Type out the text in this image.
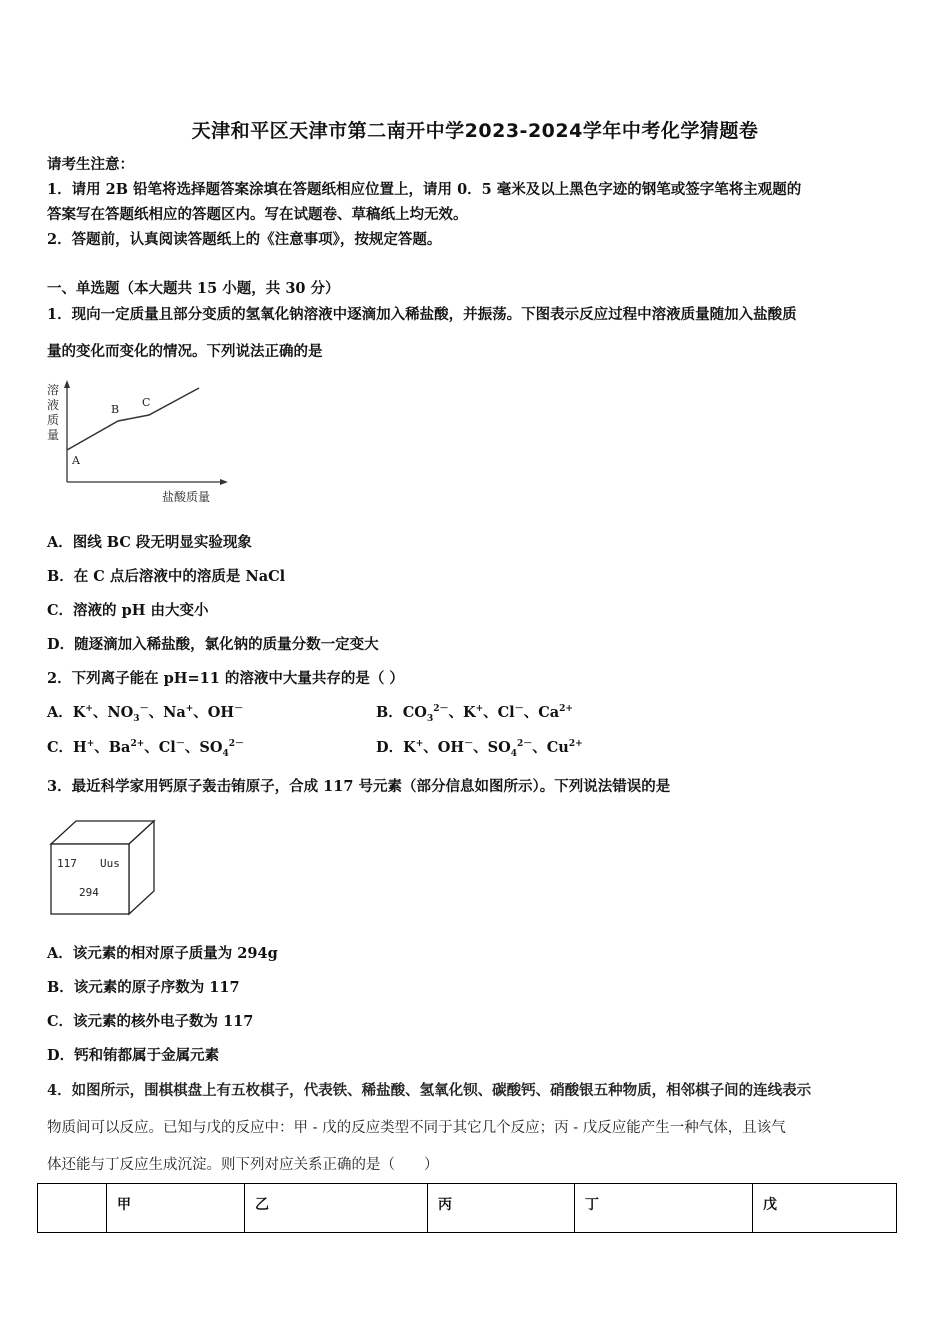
天津和平区天津市第二南开中学2023-2024学年中考化学猜题卷
请考生注意：
1．请用 2B 铅笔将选择题答案涂填在答题纸相应位置上，请用 0．5 毫米及以上黑色字迹的钢笔或签字笔将主观题的
答案写在答题纸相应的答题区内。写在试题卷、草稿纸上均无效。
2．答题前，认真阅读答题纸上的《注意事项》，按规定答题。
一、单选题（本大题共 15 小题，共 30 分）
1．现向一定质量且部分变质的氢氧化钠溶液中逐滴加入稀盐酸，并振荡。下图表示反应过程中溶液质量随加入盐酸质
量的变化而变化的情况。下列说法正确的是
溶
液
质
量
盐酸质量
A
B
C
A．图线 BC 段无明显实验现象
B．在 C 点后溶液中的溶质是 NaCl
C．溶液的 pH 由大变小
D．随逐滴加入稀盐酸，氯化钠的质量分数一定变大
2．下列离子能在 pH=11 的溶液中大量共存的是（ ）
A．K+、$NO_3^-$、Na+、OH－	B．$CO_3^{2-}$、K+、Cl－、$Ca^{2+}$
C．H+、$Ba^{2+}$、Cl－、$SO_4^{2-}$	D．K+、OH－、$SO_4^{2-}$、$Cu^{2+}$
3．最近科学家用钙原子轰击铕原子，合成 117 号元素（部分信息如图所示）。下列说法错误的是
117 Uus
294
A．该元素的相对原子质量为 294g
B．该元素的原子序数为 117
C．该元素的核外电子数为 117
D．钙和铕都属于金属元素
4．如图所示，围棋棋盘上有五枚棋子，代表铁、稀盐酸、氢氧化钡、碳酸钙、硝酸银五种物质，相邻棋子间的连线表示
物质间可以反应。已知与戊的反应中：甲 - 戊的反应类型不同于其它几个反应；丙 - 戊反应能产生一种气体，且该气
体还能与丁反应生成沉淀。则下列对应关系正确的是（　　）
	甲	乙	丙	丁	戊
